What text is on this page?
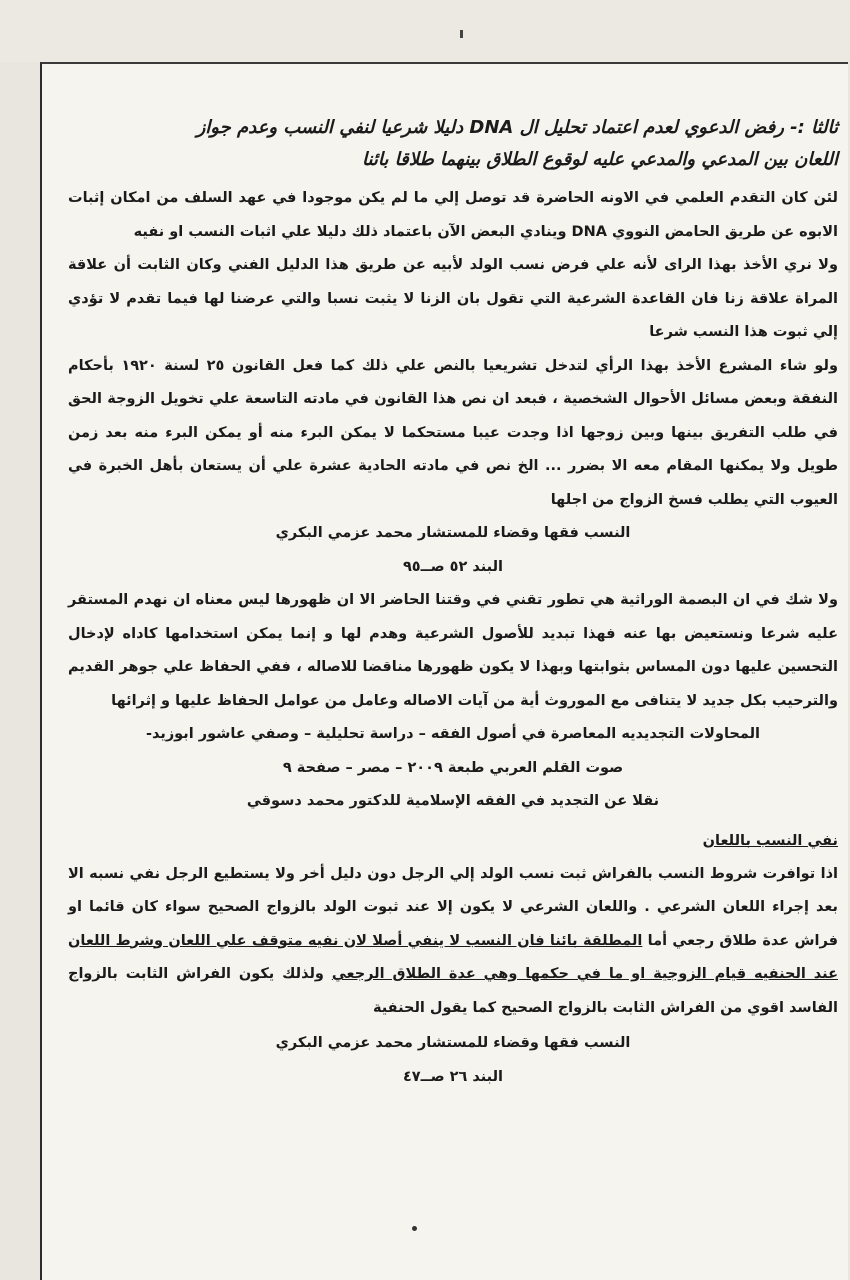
ثالثا :- رفض الدعوي لعدم اعتماد تحليل ال DNA دليلا شرعيا لنفي النسب وعدم جواز
اللعان بين المدعي والمدعي عليه لوقوع الطلاق بينهما طلاقا بائنا

لئن كان التقدم العلمي في الاونه الحاضرة قد توصل إلي ما لم يكن موجودا في عهد السلف من امكان إثبات الابوه عن طريق الحامض النووي DNA وينادي البعض الآن باعتماد ذلك دليلا علي اثبات النسب او نفيه

ولا نري الأخذ بهذا الراى لأنه علي فرض نسب الولد لأبيه عن طريق هذا الدليل الفني وكان الثابت أن علاقة المراة علاقة زنا فان القاعدة الشرعية التي تقول بان الزنا لا يثبت نسبا والتي عرضنا لها فيما تقدم لا تؤدي إلي ثبوت هذا النسب شرعا

ولو شاء المشرع الأخذ بهذا الرأي لتدخل تشريعيا بالنص علي ذلك كما فعل القانون ٢٥ لسنة ١٩٢٠ بأحكام النفقة وبعض مسائل الأحوال الشخصية ، فبعد ان نص هذا القانون في مادته التاسعة علي تخويل الزوجة الحق في طلب التفريق بينها وبين زوجها اذا وجدت عيبا مستحكما لا يمكن البرء منه أو يمكن البرء منه بعد زمن طويل ولا يمكنها المقام معه الا بضرر ... الخ نص في مادته الحادية عشرة علي أن يستعان بأهل الخبرة في العيوب التي يطلب فسخ الزواج من اجلها

النسب فقها وقضاء للمستشار محمد عزمي البكري

البند ٥٢ صــ٩٥

ولا شك في ان البصمة الوراثية هي تطور تقني في وقتنا الحاضر الا ان ظهورها ليس معناه ان نهدم المستقر عليه شرعا ونستعيض بها عنه فهذا تبديد للأصول الشرعية وهدم لها و إنما يمكن استخدامها كاداه لإدخال التحسين عليها دون المساس بثوابتها وبهذا لا يكون ظهورها مناقضا للاصاله ، ففي الحفاظ علي جوهر القديم والترحيب بكل جديد لا يتنافى مع الموروث أية من آيات الاصاله وعامل من عوامل الحفاظ عليها و إثرائها

المحاولات التجديديه المعاصرة في أصول الفقه – دراسة تحليلية – وصفي عاشور ابوزيد-

صوت القلم العربي طبعة ٢٠٠٩ – مصر – صفحة ٩

نقلا عن التجديد في الفقه الإسلامية للدكتور محمد دسوقي

نفي النسب باللعان

اذا توافرت شروط النسب بالفراش ثبت نسب الولد إلي الرجل دون دليل أخر ولا يستطيع الرجل نفي نسبه الا بعد إجراء اللعان الشرعي . واللعان الشرعي لا يكون إلا عند ثبوت الولد بالزواج الصحيح سواء كان قائما او فراش عدة طلاق رجعي أما المطلقة بائنا فان النسب لا ينفي أصلا لان نفيه متوقف علي اللعان وشرط اللعان عند الحنفيه قيام الزوجية او ما في حكمها وهي عدة الطلاق الرجعي ولذلك يكون الفراش الثابت بالزواج الفاسد اقوي من الفراش الثابت بالزواج الصحيح كما يقول الحنفية

النسب فقها وقضاء للمستشار محمد عزمي البكري

البند ٢٦ صــ٤٧
